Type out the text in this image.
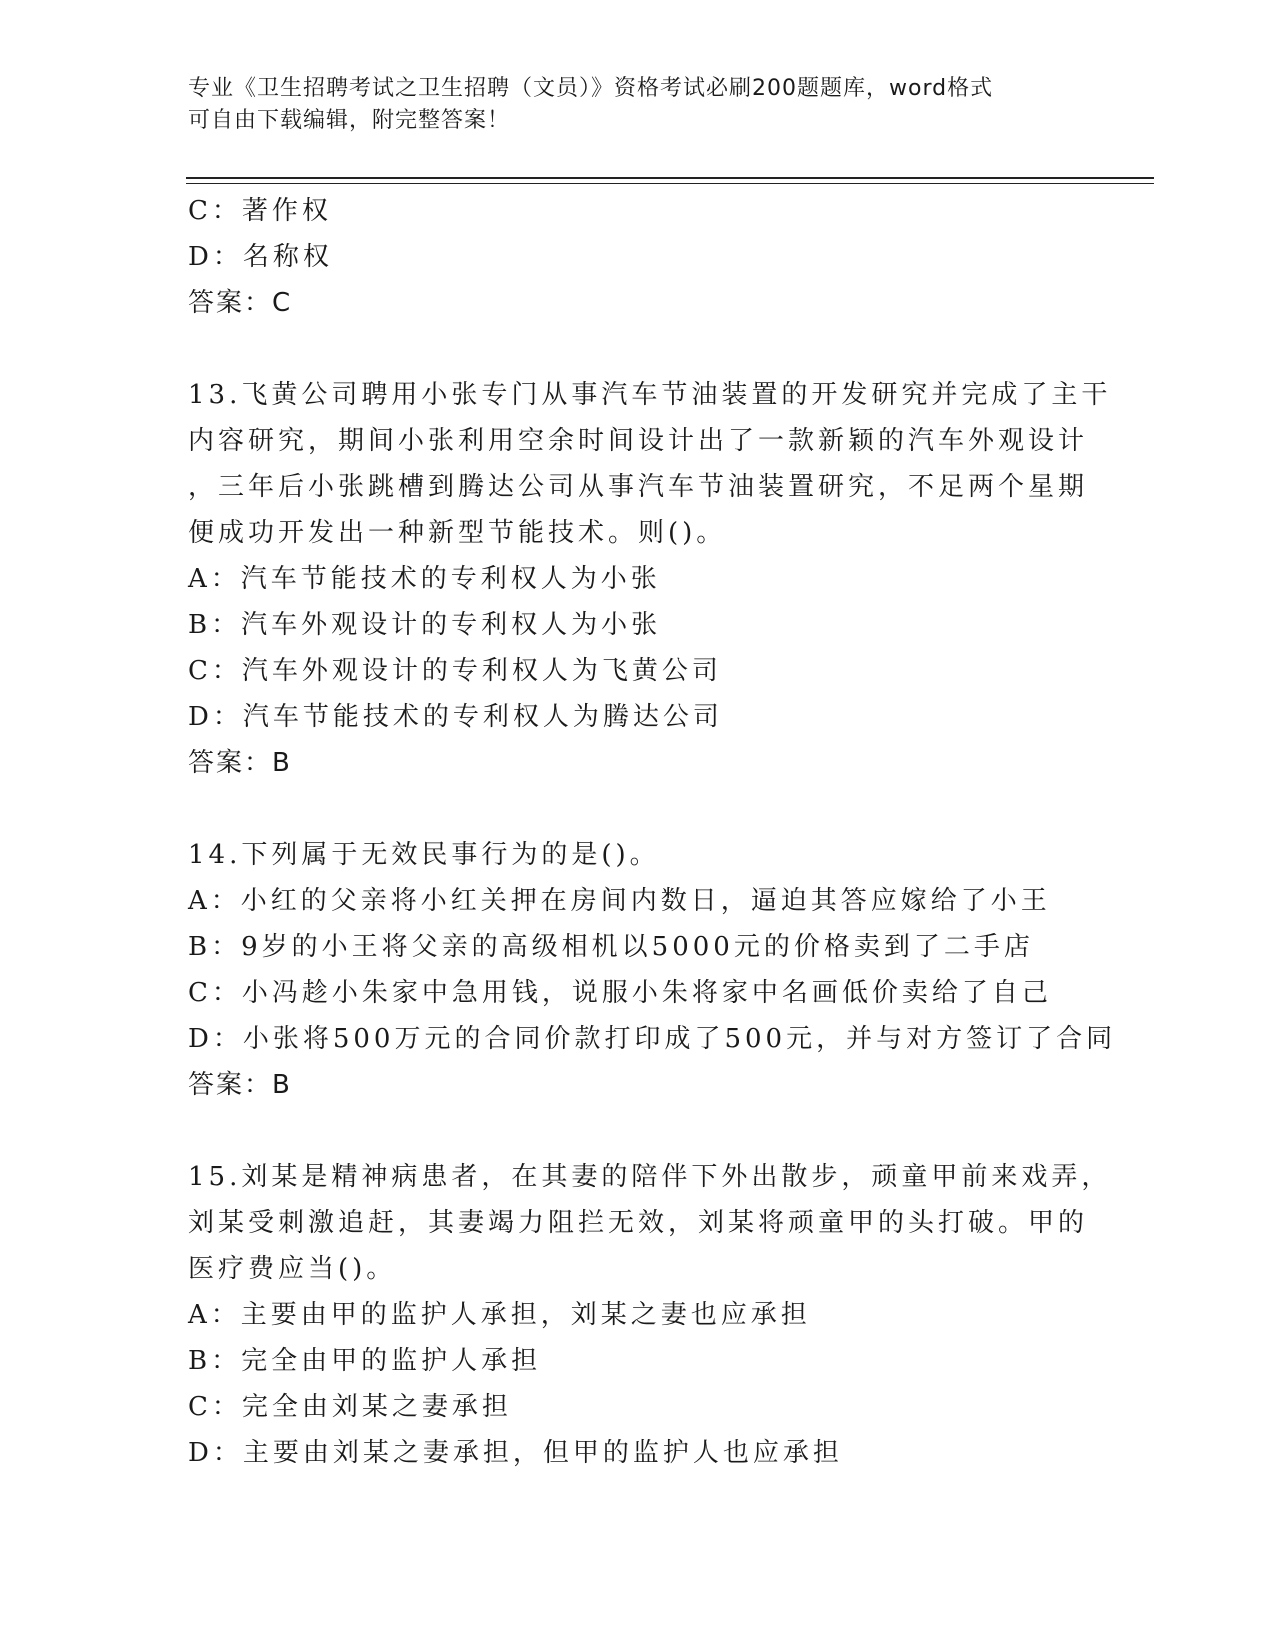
专业《卫生招聘考试之卫生招聘（文员）》资格考试必刷200题题库，word格式
可自由下载编辑，附完整答案！

C：著作权

D：名称权

答案：C

13.飞黄公司聘用小张专门从事汽车节油装置的开发研究并完成了主干

内容研究，期间小张利用空余时间设计出了一款新颖的汽车外观设计

，三年后小张跳槽到腾达公司从事汽车节油装置研究，不足两个星期

便成功开发出一种新型节能技术。则()。

A：汽车节能技术的专利权人为小张

B：汽车外观设计的专利权人为小张

C：汽车外观设计的专利权人为飞黄公司

D：汽车节能技术的专利权人为腾达公司

答案：B

14.下列属于无效民事行为的是()。

A：小红的父亲将小红关押在房间内数日，逼迫其答应嫁给了小王

B：9岁的小王将父亲的高级相机以5000元的价格卖到了二手店

C：小冯趁小朱家中急用钱，说服小朱将家中名画低价卖给了自己

D：小张将500万元的合同价款打印成了500元，并与对方签订了合同

答案：B

15.刘某是精神病患者，在其妻的陪伴下外出散步，顽童甲前来戏弄，

刘某受刺激追赶，其妻竭力阻拦无效，刘某将顽童甲的头打破。甲的

医疗费应当()。

A：主要由甲的监护人承担，刘某之妻也应承担

B：完全由甲的监护人承担

C：完全由刘某之妻承担

D：主要由刘某之妻承担，但甲的监护人也应承担
